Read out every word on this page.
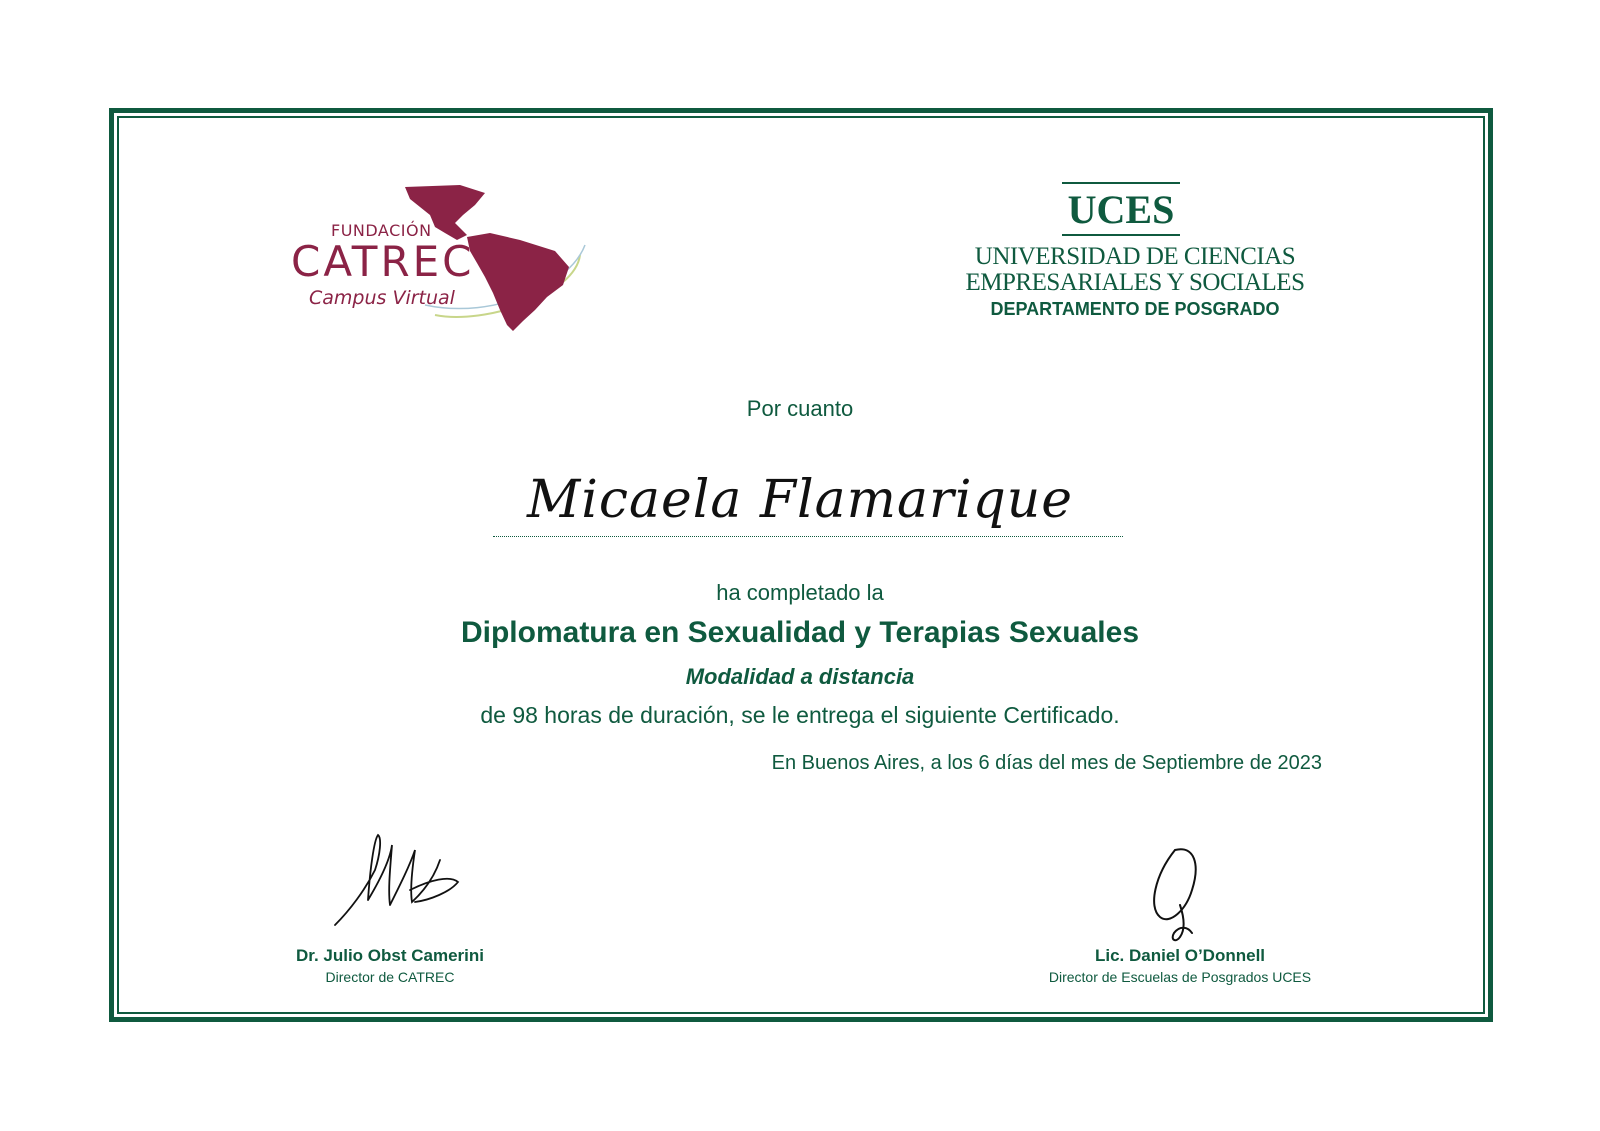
FUNDACIÓN
CATREC
Campus Virtual
UCES
UNIVERSIDAD DE CIENCIAS
EMPRESARIALES Y SOCIALES
DEPARTAMENTO DE POSGRADO
Por cuanto
Micaela Flamarique
ha completado la
Diplomatura en Sexualidad y Terapias Sexuales
Modalidad a distancia
de 98 horas de duración, se le entrega el siguiente Certificado.
En Buenos Aires, a los 6 días del mes de Septiembre de 2023
Dr. Julio Obst Camerini
Director de CATREC
Lic. Daniel O’Donnell
Director de Escuelas de Posgrados UCES
